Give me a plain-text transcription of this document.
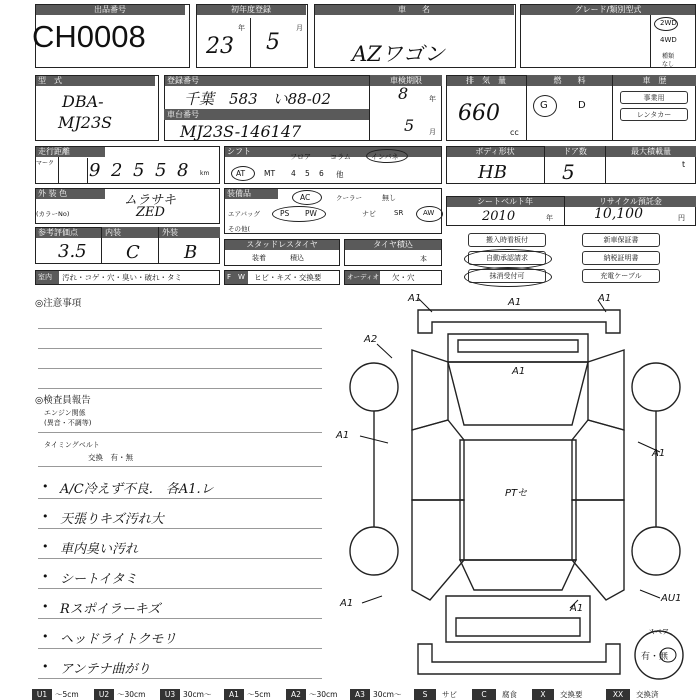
出品番号
CH0008
初年度登録
年	月
23 5
車　　名
AZワゴン
グレード/類別型式
2WD
4WD
種類
なし
型　式
DBA-
MJ23S
登録番号
千葉　583　い88-02
車台番号
MJ23S-146147
車検期限
年
月
8
5
排　気　量
660
cc
燃　　料
G	D
車　歴
事業用
レンタカー
走行距離
マーク 9 2 5 5 8 km
シフト
フロア	コラム	インパネ
AT	MT 4 5 6 他
ボディ形状
HB
ドア数
5
最大積載量
t
外 装 色	ムラサキ
(カラーNo)	ZED
装備品	AC	クーラー	無し
エアバッグ	PS PW	ナビ	SR	AW
その他(
シートベルト年
2010	年
リサイクル預託金
10,100	円
参考評価点
3.5
内装
C
外装
B	スタッドレスタイヤ
装着	積込
タイヤ積込
本
搬入時看板付
自動承認請求
抹消受付可
新車保証書
納税証明書
充電ケーブル
室内	汚れ・コゲ・穴・臭い・破れ・タミ	F　W	ヒビ・キズ・交換要	オーディオ 欠・穴
◎注意事項
◎検査員報告
エンジン関係
(異音・不調等)
タイミングベルト
交換　有・無
• A/C冷えず不良.　各A1.レ
• 天張りキズ汚れ大
• 車内臭い汚れ
• シートイタミ
• Rスポイラーキズ
• ヘッドライトクモリ
• アンテナ曲がり
A1	A1	A1
A1
A2
A1
A1
A1	A1
AU1
PTセ
スペア
有・無
U1	～5cm	U2	～30cm	U3	30cm～	A1	～5cm	A2	～30cm	A3	30cm～	S	サビ	C	腐食	X	交換要	XX	交換済
